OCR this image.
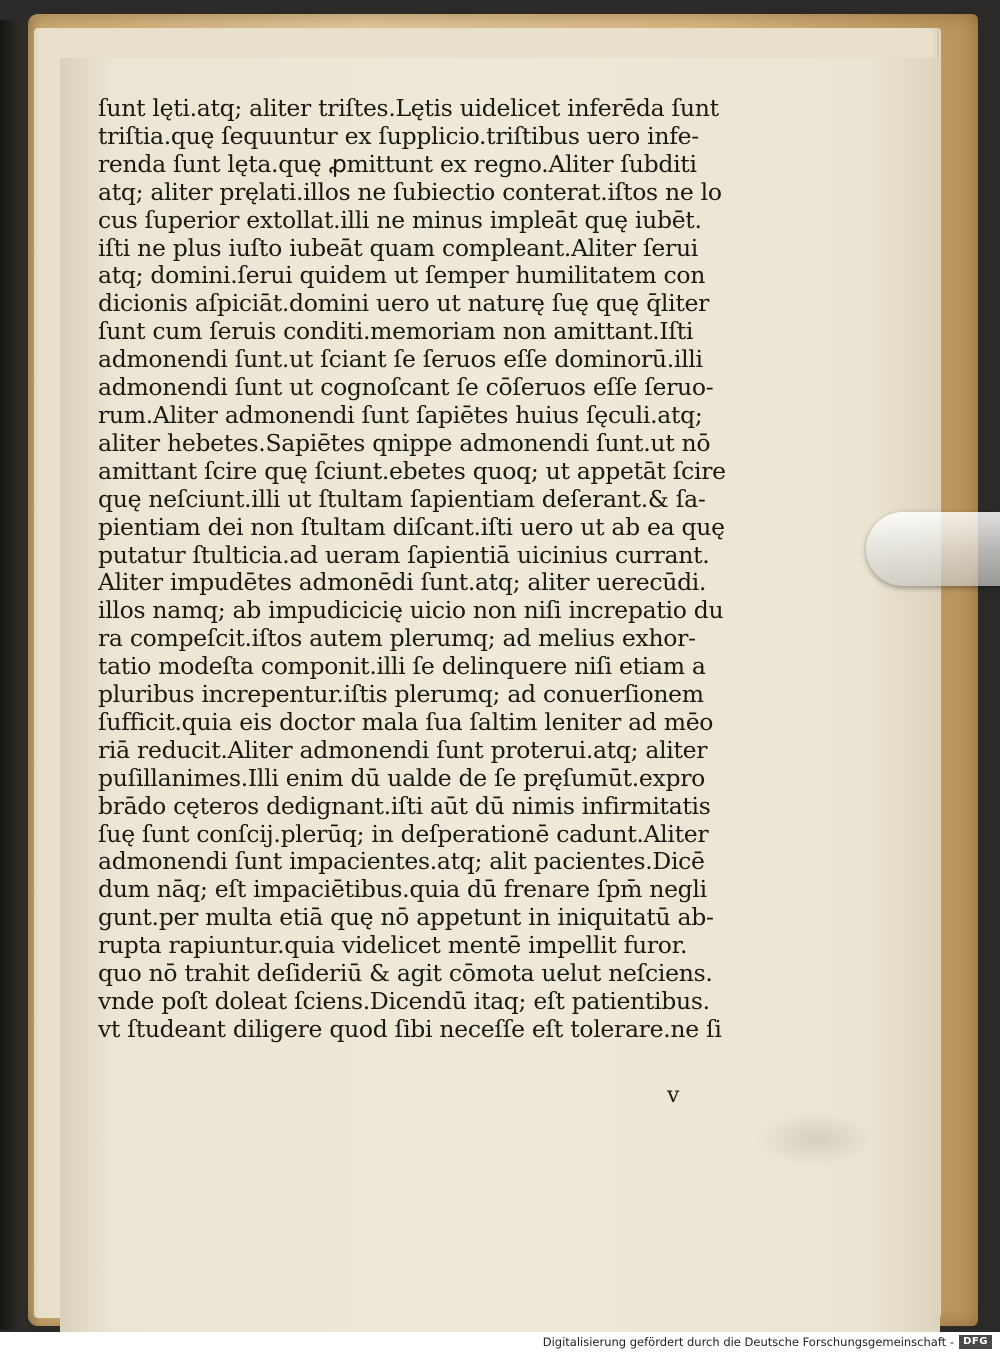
ſunt lęti.atq; aliter triſtes.Lętis uidelicet inferēda ſunt
triſtia.quę ſequuntur ex ſupplicio.triſtibus uero infe-
renda ſunt lęta.quę ꝓmittunt̄ ex regno.Aliter ſubditi
atq; aliter pręlati.illos ne ſubiectio conterat.iſtos ne lo
cus ſuperior extollat.illi ne minus impleāt quę iubēt.
iſti ne plus iuſto iubeāt quam compleant̄.Aliter ſerui
atq; domini.ſerui quidem ut ſemper humilitatem con
dicionis aſpiciāt.domini uero ut naturę ſuę quę q̄liter
ſunt cum ſeruis conditi.memoriam non amittant.Iſti
admonendi ſunt.ut ſciant ſe ſeruos eſſe dominorū.illi
admonendi ſunt ut cognoſcant ſe cōſeruos eſſe ſeruo-
rum.Aliter admonendi ſunt ſapiētes huius ſęculi.atq;
aliter hebetes.Sapiētes qnippe admonendi ſunt.ut nō
amittant ſcire quę ſciunt.ebetes quoq; ut appetāt ſcire
quę neſciunt.illi ut ſtultam ſapientiam deſerant.& ſa-
pientiam dei non ſtultam diſcant.iſti uero ut ab ea quę
putatur ſtulticia.ad ueram ſapientiā uicinius currant.
Aliter impudētes admonēdi ſunt.atq; aliter uerecūdi.
illos namq; ab impudicicię uicio non niſi increpatio du
ra compeſcit.iſtos autem plerumq; ad melius exhor-
tatio modeſta componit.illi ſe delinquere niſi etiam a
pluribus increpentur.iſtis plerumq; ad conuerſionem
ſufficit.quia eis doctor mala ſua ſaltim leniter ad mēo
riā reducit.Aliter admonendi ſunt proterui.atq; aliter
puſillanimes.Illi enim dū ualde de ſe pręſumūt.expro
brādo cęteros dedignant̄.iſti aūt dū nimis infirmitatis
ſuę ſunt conſcij.plerūq; in deſperationē cadunt.Aliter
admonendi ſunt impacientes.atq; alit̄ pacientes.Dicē
dum nāq; eſt impaciētibus.quia dū frenare ſpm̄ negli
gunt.per multa etiā quę nō appetunt in iniquitatū ab-
rupta rapiuntur.quia videlicet mentē impellit furor.
quo nō trahit deſideriū & agit cōmota uelut neſciens.
vnde poſt doleat ſciens.Dicendū itaq; eſt patientibus.
vt ſtudeant diligere quod ſibi neceſſe eſt tolerare.ne ſi
v
Digitalisierung gefördert durch die Deutsche Forschungsgemeinschaft - DFG
